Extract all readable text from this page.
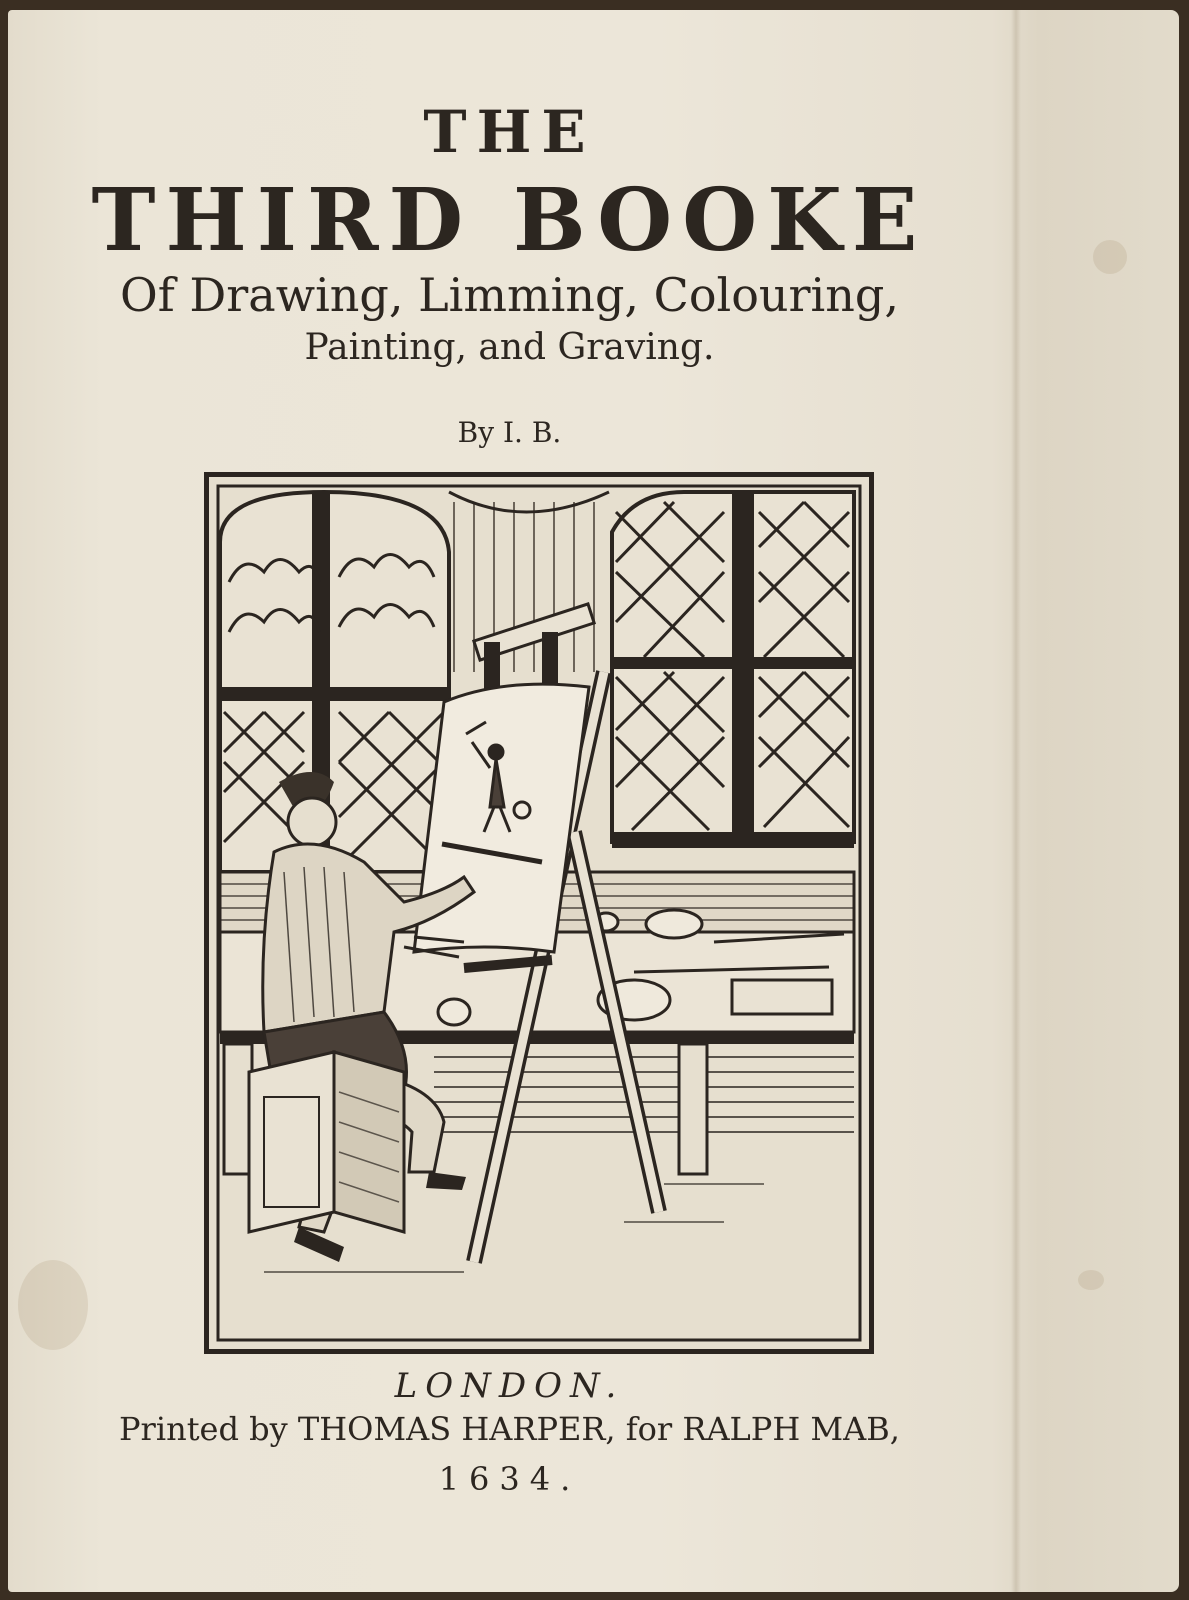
THE

THIRD BOOKE

Of Drawing, Limming, Colouring,

Painting, and Graving.

By I. B.

LONDON.

Printed by THOMAS HARPER, for RALPH MAB,

1634.
